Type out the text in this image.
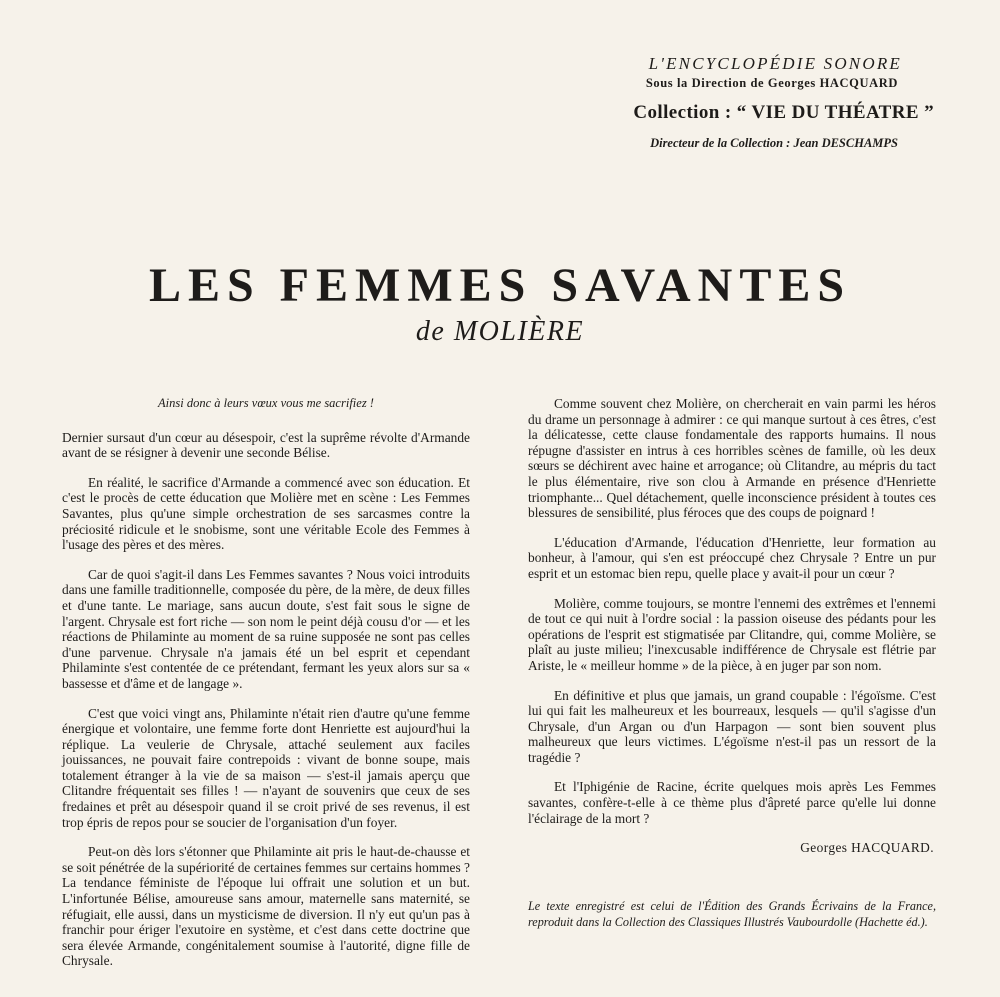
L'ENCYCLOPÉDIE SONORE
Sous la Direction de Georges HACQUARD
Collection : “ VIE DU THÉATRE ”
Directeur de la Collection : Jean DESCHAMPS
LES FEMMES SAVANTES
de MOLIÈRE

Ainsi donc à leurs vœux vous me sacrifiez !

Dernier sursaut d'un cœur au désespoir, c'est la suprême révolte d'Armande avant de se résigner à devenir une seconde Bélise.

En réalité, le sacrifice d'Armande a commencé avec son éducation. Et c'est le procès de cette éducation que Molière met en scène : Les Femmes Savantes, plus qu'une simple orchestration de ses sarcasmes contre la préciosité ridicule et le snobisme, sont une véritable Ecole des Femmes à l'usage des pères et des mères.

Car de quoi s'agit-il dans Les Femmes savantes ? Nous voici introduits dans une famille traditionnelle, composée du père, de la mère, de deux filles et d'une tante. Le mariage, sans aucun doute, s'est fait sous le signe de l'argent. Chrysale est fort riche — son nom le peint déjà cousu d'or — et les réactions de Philaminte au moment de sa ruine supposée ne sont pas celles d'une parvenue. Chrysale n'a jamais été un bel esprit et cependant Philaminte s'est contentée de ce prétendant, fermant les yeux alors sur sa « bassesse et d'âme et de langage ».

C'est que voici vingt ans, Philaminte n'était rien d'autre qu'une femme énergique et volontaire, une femme forte dont Henriette est aujourd'hui la réplique. La veulerie de Chrysale, attaché seulement aux faciles jouissances, ne pouvait faire contrepoids : vivant de bonne soupe, mais totalement étranger à la vie de sa maison — s'est-il jamais aperçu que Clitandre fréquentait ses filles ! — n'ayant de souvenirs que ceux de ses fredaines et prêt au désespoir quand il se croit privé de ses revenus, il est trop épris de repos pour se soucier de l'organisation d'un foyer.

Peut-on dès lors s'étonner que Philaminte ait pris le haut-de-chausse et se soit pénétrée de la supériorité de certaines femmes sur certains hommes ? La tendance féministe de l'époque lui offrait une solution et un but. L'infortunée Bélise, amoureuse sans amour, maternelle sans maternité, se réfugiait, elle aussi, dans un mysticisme de diversion. Il n'y eut qu'un pas à franchir pour ériger l'exutoire en système, et c'est dans cette doctrine que sera élevée Armande, congénitalement soumise à l'autorité, digne fille de Chrysale.

Comme souvent chez Molière, on chercherait en vain parmi les héros du drame un personnage à admirer : ce qui manque surtout à ces êtres, c'est la délicatesse, cette clause fondamentale des rapports humains. Il nous répugne d'assister en intrus à ces horribles scènes de famille, où les deux sœurs se déchirent avec haine et arrogance; où Clitandre, au mépris du tact le plus élémentaire, rive son clou à Armande en présence d'Henriette triomphante... Quel détachement, quelle inconscience président à toutes ces blessures de sensibilité, plus féroces que des coups de poignard !

L'éducation d'Armande, l'éducation d'Henriette, leur formation au bonheur, à l'amour, qui s'en est préoccupé chez Chrysale ? Entre un pur esprit et un estomac bien repu, quelle place y avait-il pour un cœur ?

Molière, comme toujours, se montre l'ennemi des extrêmes et l'ennemi de tout ce qui nuit à l'ordre social : la passion oiseuse des pédants pour les opérations de l'esprit est stigmatisée par Clitandre, qui, comme Molière, se plaît au juste milieu; l'inexcusable indifférence de Chrysale est flétrie par Ariste, le « meilleur homme » de la pièce, à en juger par son nom.

En définitive et plus que jamais, un grand coupable : l'égoïsme. C'est lui qui fait les malheureux et les bourreaux, lesquels — qu'il s'agisse d'un Chrysale, d'un Argan ou d'un Harpagon — sont bien souvent plus malheureux que leurs victimes. L'égoïsme n'est-il pas un ressort de la tragédie ?

Et l'Iphigénie de Racine, écrite quelques mois après Les Femmes savantes, confère-t-elle à ce thème plus d'âpreté parce qu'elle lui donne l'éclairage de la mort ?

Georges HACQUARD.
Le texte enregistré est celui de l'Édition des Grands Écrivains de la France, reproduit dans la Collection des Classiques Illustrés Vaubourdolle (Hachette éd.).
